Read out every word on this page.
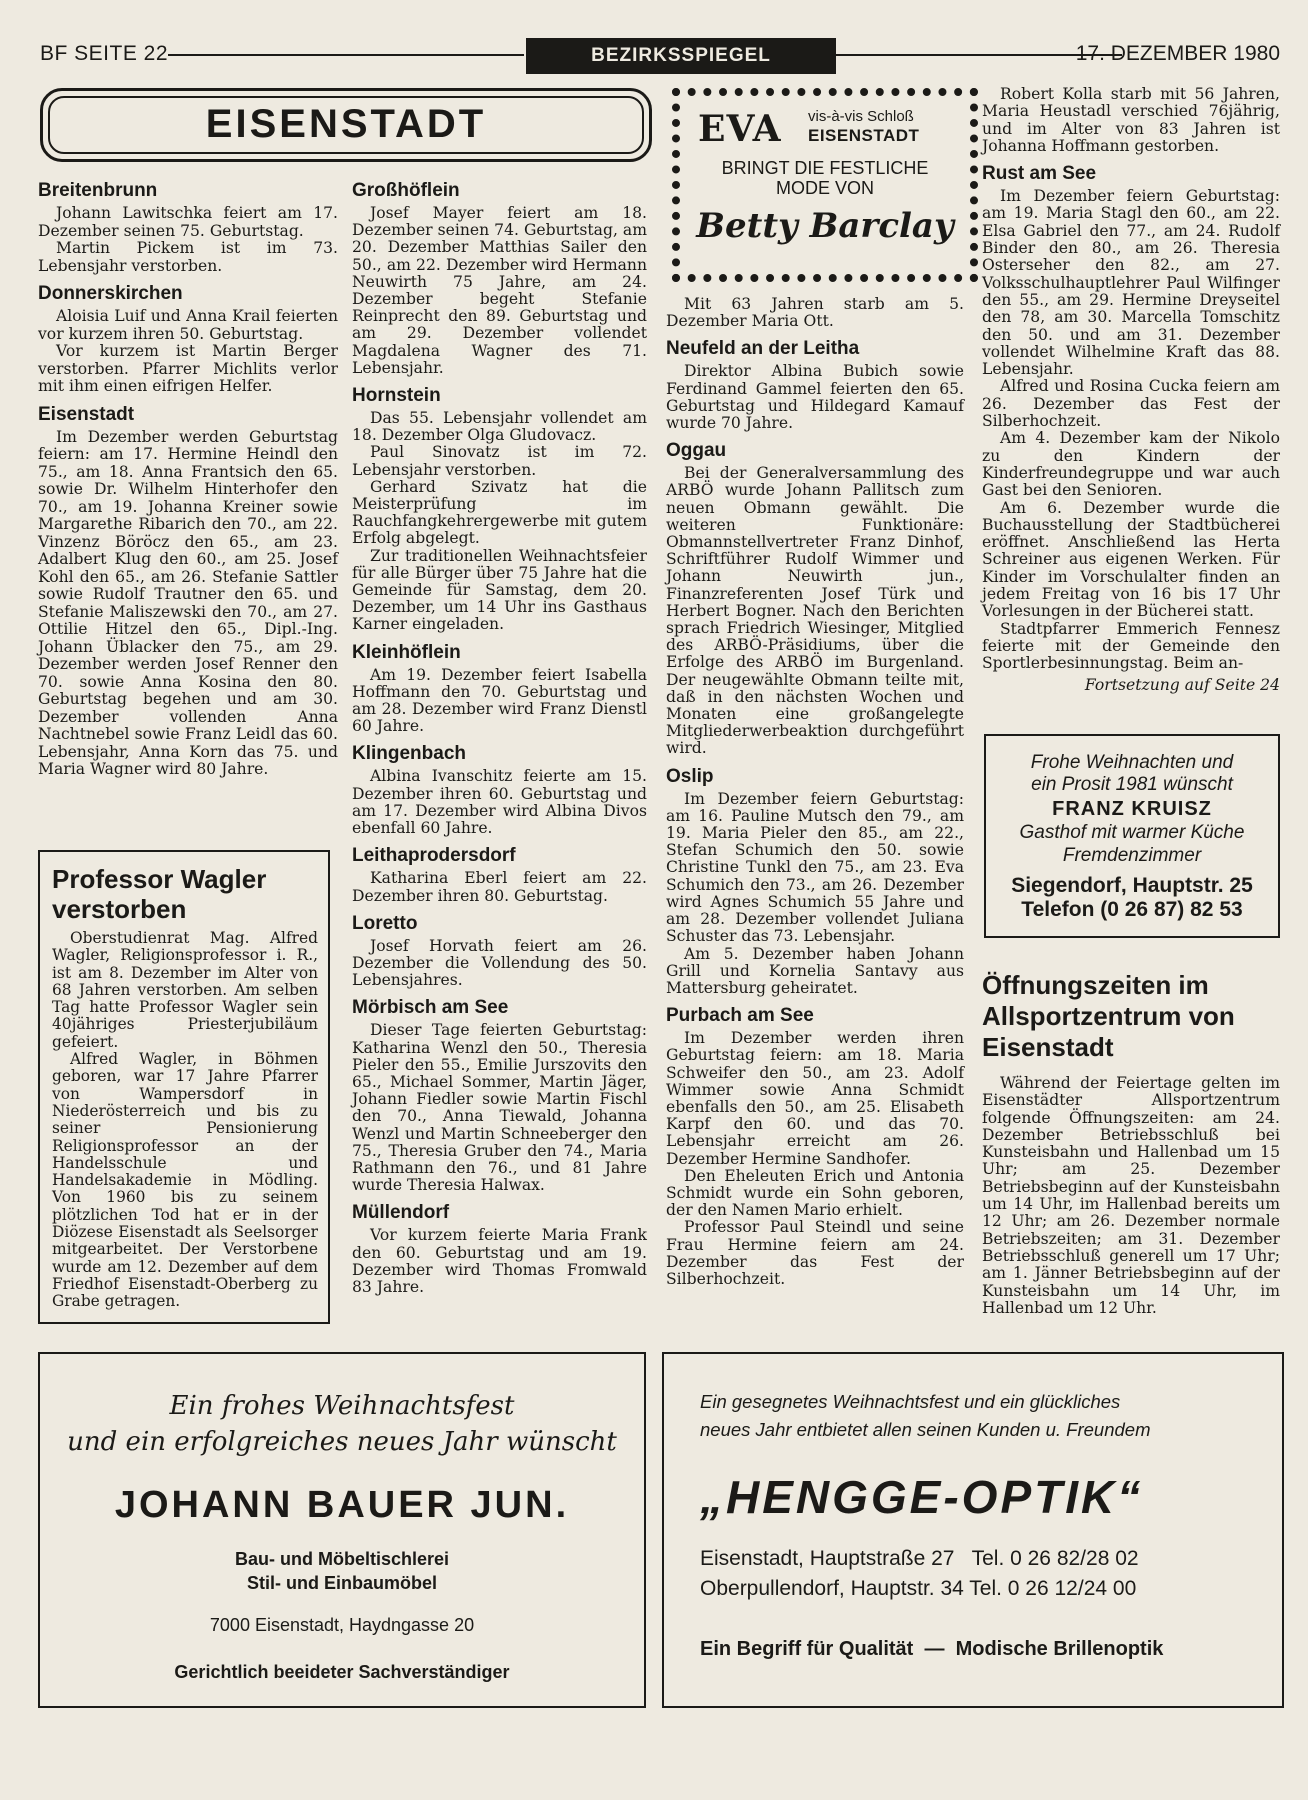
BF SEITE 22	BEZIRKSSPIEGEL	17. DEZEMBER 1980
EISENSTADT
Breitenbrunn

Johann Lawitschka feiert am 17. Dezember seinen 75. Geburtstag.

Martin Pickem ist im 73. Lebensjahr verstorben.

Donnerskirchen

Aloisia Luif und Anna Krail feierten vor kurzem ihren 50. Geburtstag.

Vor kurzem ist Martin Berger verstorben. Pfarrer Michlits verlor mit ihm einen eifrigen Helfer.

Eisenstadt

Im Dezember werden Geburtstag feiern: am 17. Hermine Heindl den 75., am 18. Anna Frantsich den 65. sowie Dr. Wilhelm Hinterhofer den 70., am 19. Johanna Kreiner sowie Margarethe Ribarich den 70., am 22. Vinzenz Böröcz den 65., am 23. Adalbert Klug den 60., am 25. Josef Kohl den 65., am 26. Stefanie Sattler sowie Rudolf Trautner den 65. und Stefanie Maliszewski den 70., am 27. Ottilie Hitzel den 65., Dipl.-Ing. Johann Üblacker den 75., am 29. Dezember werden Josef Renner den 70. sowie Anna Kosina den 80. Geburtstag begehen und am 30. Dezember vollenden Anna Nachtnebel sowie Franz Leidl das 60. Lebensjahr, Anna Korn das 75. und Maria Wagner wird 80 Jahre.

Professor Wagler verstorben

Oberstudienrat Mag. Alfred Wagler, Religionsprofessor i. R., ist am 8. Dezember im Alter von 68 Jahren verstorben. Am selben Tag hatte Professor Wagler sein 40jähriges Priesterjubiläum gefeiert.

Alfred Wagler, in Böhmen geboren, war 17 Jahre Pfarrer von Wampersdorf in Niederösterreich und bis zu seiner Pensionierung Religionsprofessor an der Handelsschule und Handelsakademie in Mödling. Von 1960 bis zu seinem plötzlichen Tod hat er in der Diözese Eisenstadt als Seelsorger mitgearbeitet. Der Verstorbene wurde am 12. Dezember auf dem Friedhof Eisenstadt-Oberberg zu Grabe getragen.

Großhöflein

Josef Mayer feiert am 18. Dezember seinen 74. Geburtstag, am 20. Dezember Matthias Sailer den 50., am 22. Dezember wird Hermann Neuwirth 75 Jahre, am 24. Dezember begeht Stefanie Reinprecht den 89. Geburtstag und am 29. Dezember vollendet Magdalena Wagner des 71. Lebensjahr.

Hornstein

Das 55. Lebensjahr vollendet am 18. Dezember Olga Gludovacz.

Paul Sinovatz ist im 72. Lebensjahr verstorben.

Gerhard Szivatz hat die Meisterprüfung im Rauchfangkehrergewerbe mit gutem Erfolg abgelegt.

Zur traditionellen Weihnachtsfeier für alle Bürger über 75 Jahre hat die Gemeinde für Samstag, dem 20. Dezember, um 14 Uhr ins Gasthaus Karner eingeladen.

Kleinhöflein

Am 19. Dezember feiert Isabella Hoffmann den 70. Geburtstag und am 28. Dezember wird Franz Dienstl 60 Jahre.

Klingenbach

Albina Ivanschitz feierte am 15. Dezember ihren 60. Geburtstag und am 17. Dezember wird Albina Divos ebenfall 60 Jahre.

Leithaprodersdorf

Katharina Eberl feiert am 22. Dezember ihren 80. Geburtstag.

Loretto

Josef Horvath feiert am 26. Dezember die Vollendung des 50. Lebensjahres.

Mörbisch am See

Dieser Tage feierten Geburtstag: Katharina Wenzl den 50., Theresia Pieler den 55., Emilie Jurszovits den 65., Michael Sommer, Martin Jäger, Johann Fiedler sowie Martin Fischl den 70., Anna Tiewald, Johanna Wenzl und Martin Schneeberger den 75., Theresia Gruber den 74., Maria Rathmann den 76., und 81 Jahre wurde Theresia Halwax.

Müllendorf

Vor kurzem feierte Maria Frank den 60. Geburtstag und am 19. Dezember wird Thomas Fromwald 83 Jahre.

EVA vis-à-vis Schloß
EISENSTADT
BRINGT DIE FESTLICHE
MODE VON
Betty Barclay

Mit 63 Jahren starb am 5. Dezember Maria Ott.

Neufeld an der Leitha

Direktor Albina Bubich sowie Ferdinand Gammel feierten den 65. Geburtstag und Hildegard Kamauf wurde 70 Jahre.

Oggau

Bei der Generalversammlung des ARBÖ wurde Johann Pallitsch zum neuen Obmann gewählt. Die weiteren Funktionäre: Obmannstellvertreter Franz Dinhof, Schriftführer Rudolf Wimmer und Johann Neuwirth jun., Finanzreferenten Josef Türk und Herbert Bogner. Nach den Berichten sprach Friedrich Wiesinger, Mitglied des ARBÖ-Präsidiums, über die Erfolge des ARBÖ im Burgenland. Der neugewählte Obmann teilte mit, daß in den nächsten Wochen und Monaten eine großangelegte Mitgliederwerbeaktion durchgeführt wird.

Oslip

Im Dezember feiern Geburtstag: am 16. Pauline Mutsch den 79., am 19. Maria Pieler den 85., am 22., Stefan Schumich den 50. sowie Christine Tunkl den 75., am 23. Eva Schumich den 73., am 26. Dezember wird Agnes Schumich 55 Jahre und am 28. Dezember vollendet Juliana Schuster das 73. Lebensjahr.

Am 5. Dezember haben Johann Grill und Kornelia Santavy aus Mattersburg geheiratet.

Purbach am See

Im Dezember werden ihren Geburtstag feiern: am 18. Maria Schweifer den 50., am 23. Adolf Wimmer sowie Anna Schmidt ebenfalls den 50., am 25. Elisabeth Karpf den 60. und das 70. Lebensjahr erreicht am 26. Dezember Hermine Sandhofer.

Den Eheleuten Erich und Antonia Schmidt wurde ein Sohn geboren, der den Namen Mario erhielt.

Professor Paul Steindl und seine Frau Hermine feiern am 24. Dezember das Fest der Silberhochzeit.

Robert Kolla starb mit 56 Jahren, Maria Heustadl verschied 76jährig, und im Alter von 83 Jahren ist Johanna Hoffmann gestorben.

Rust am See

Im Dezember feiern Geburtstag: am 19. Maria Stagl den 60., am 22. Elsa Gabriel den 77., am 24. Rudolf Binder den 80., am 26. Theresia Osterseher den 82., am 27. Volksschulhauptlehrer Paul Wilfinger den 55., am 29. Hermine Dreyseitel den 78, am 30. Marcella Tomschitz den 50. und am 31. Dezember vollendet Wilhelmine Kraft das 88. Lebensjahr.

Alfred und Rosina Cucka feiern am 26. Dezember das Fest der Silberhochzeit.

Am 4. Dezember kam der Nikolo zu den Kindern der Kinderfreundegruppe und war auch Gast bei den Senioren.

Am 6. Dezember wurde die Buchausstellung der Stadtbücherei eröffnet. Anschließend las Herta Schreiner aus eigenen Werken. Für Kinder im Vorschulalter finden an jedem Freitag von 16 bis 17 Uhr Vorlesungen in der Bücherei statt.

Stadtpfarrer Emmerich Fennesz feierte mit der Gemeinde den Sportlerbesinnungstag. Beim an-

Fortsetzung auf Seite 24
Frohe Weihnachten und
ein Prosit 1981 wünscht
FRANZ KRUISZ
Gasthof mit warmer Küche
Fremdenzimmer
Siegendorf, Hauptstr. 25
Telefon (0 26 87) 82 53
Öffnungszeiten im Allsportzentrum von Eisenstadt

Während der Feiertage gelten im Eisenstädter Allsportzentrum folgende Öffnungszeiten: am 24. Dezember Betriebsschluß bei Kunsteisbahn und Hallenbad um 15 Uhr; am 25. Dezember Betriebsbeginn auf der Kunsteisbahn um 14 Uhr, im Hallenbad bereits um 12 Uhr; am 26. Dezember normale Betriebszeiten; am 31. Dezember Betriebsschluß generell um 17 Uhr; am 1. Jänner Betriebsbeginn auf der Kunsteisbahn um 14 Uhr, im Hallenbad um 12 Uhr.

Ein frohes Weihnachtsfest
und ein erfolgreiches neues Jahr wünscht
JOHANN BAUER JUN.
Bau- und Möbeltischlerei
Stil- und Einbaumöbel
7000 Eisenstadt, Haydngasse 20
Gerichtlich beeideter Sachverständiger
Ein gesegnetes Weihnachtsfest und ein glückliches
neues Jahr entbietet allen seinen Kunden u. Freundem
„HENGGE-OPTIK“
Eisenstadt, Hauptstraße 27   Tel. 0 26 82/28 02
Oberpullendorf, Hauptstr. 34 Tel. 0 26 12/24 00
Ein Begriff für Qualität  —  Modische Brillenoptik
